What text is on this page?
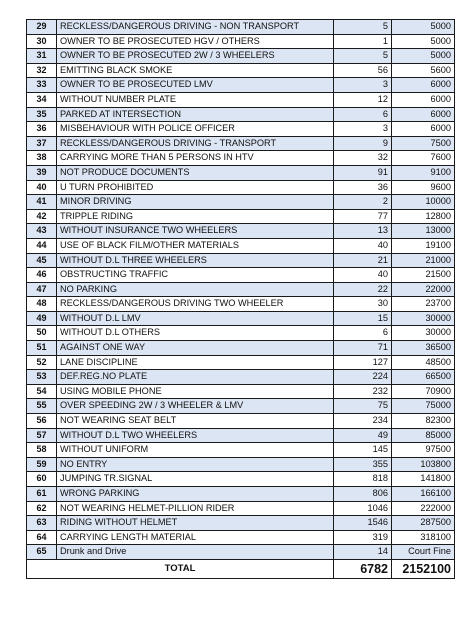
29	RECKLESS/DANGEROUS DRIVING - NON TRANSPORT	5	5000
30	OWNER TO BE PROSECUTED HGV / OTHERS	1	5000
31	OWNER TO BE PROSECUTED 2W / 3 WHEELERS	5	5000
32	EMITTING BLACK SMOKE	56	5600
33	OWNER TO BE PROSECUTED LMV	3	6000
34	WITHOUT NUMBER PLATE	12	6000
35	PARKED AT INTERSECTION	6	6000
36	MISBEHAVIOUR WITH POLICE OFFICER	3	6000
37	RECKLESS/DANGEROUS DRIVING - TRANSPORT	9	7500
38	CARRYING MORE THAN 5 PERSONS IN HTV	32	7600
39	NOT PRODUCE DOCUMENTS	91	9100
40	U TURN PROHIBITED	36	9600
41	MINOR DRIVING	2	10000
42	TRIPPLE RIDING	77	12800
43	WITHOUT INSURANCE TWO WHEELERS	13	13000
44	USE OF BLACK FILM/OTHER MATERIALS	40	19100
45	WITHOUT D.L THREE WHEELERS	21	21000
46	OBSTRUCTING TRAFFIC	40	21500
47	NO PARKING	22	22000
48	RECKLESS/DANGEROUS DRIVING TWO WHEELER	30	23700
49	WITHOUT D.L LMV	15	30000
50	WITHOUT D.L OTHERS	6	30000
51	AGAINST ONE WAY	71	36500
52	LANE DISCIPLINE	127	48500
53	DEF.REG.NO PLATE	224	66500
54	USING MOBILE PHONE	232	70900
55	OVER SPEEDING 2W / 3 WHEELER & LMV	75	75000
56	NOT WEARING SEAT BELT	234	82300
57	WITHOUT D.L TWO WHEELERS	49	85000
58	WITHOUT UNIFORM	145	97500
59	NO ENTRY	355	103800
60	JUMPING TR.SIGNAL	818	141800
61	WRONG PARKING	806	166100
62	NOT WEARING HELMET-PILLION RIDER	1046	222000
63	RIDING WITHOUT HELMET	1546	287500
64	CARRYING LENGTH MATERIAL	319	318100
65	Drunk and Drive	14	Court Fine
TOTAL		6782	2152100
